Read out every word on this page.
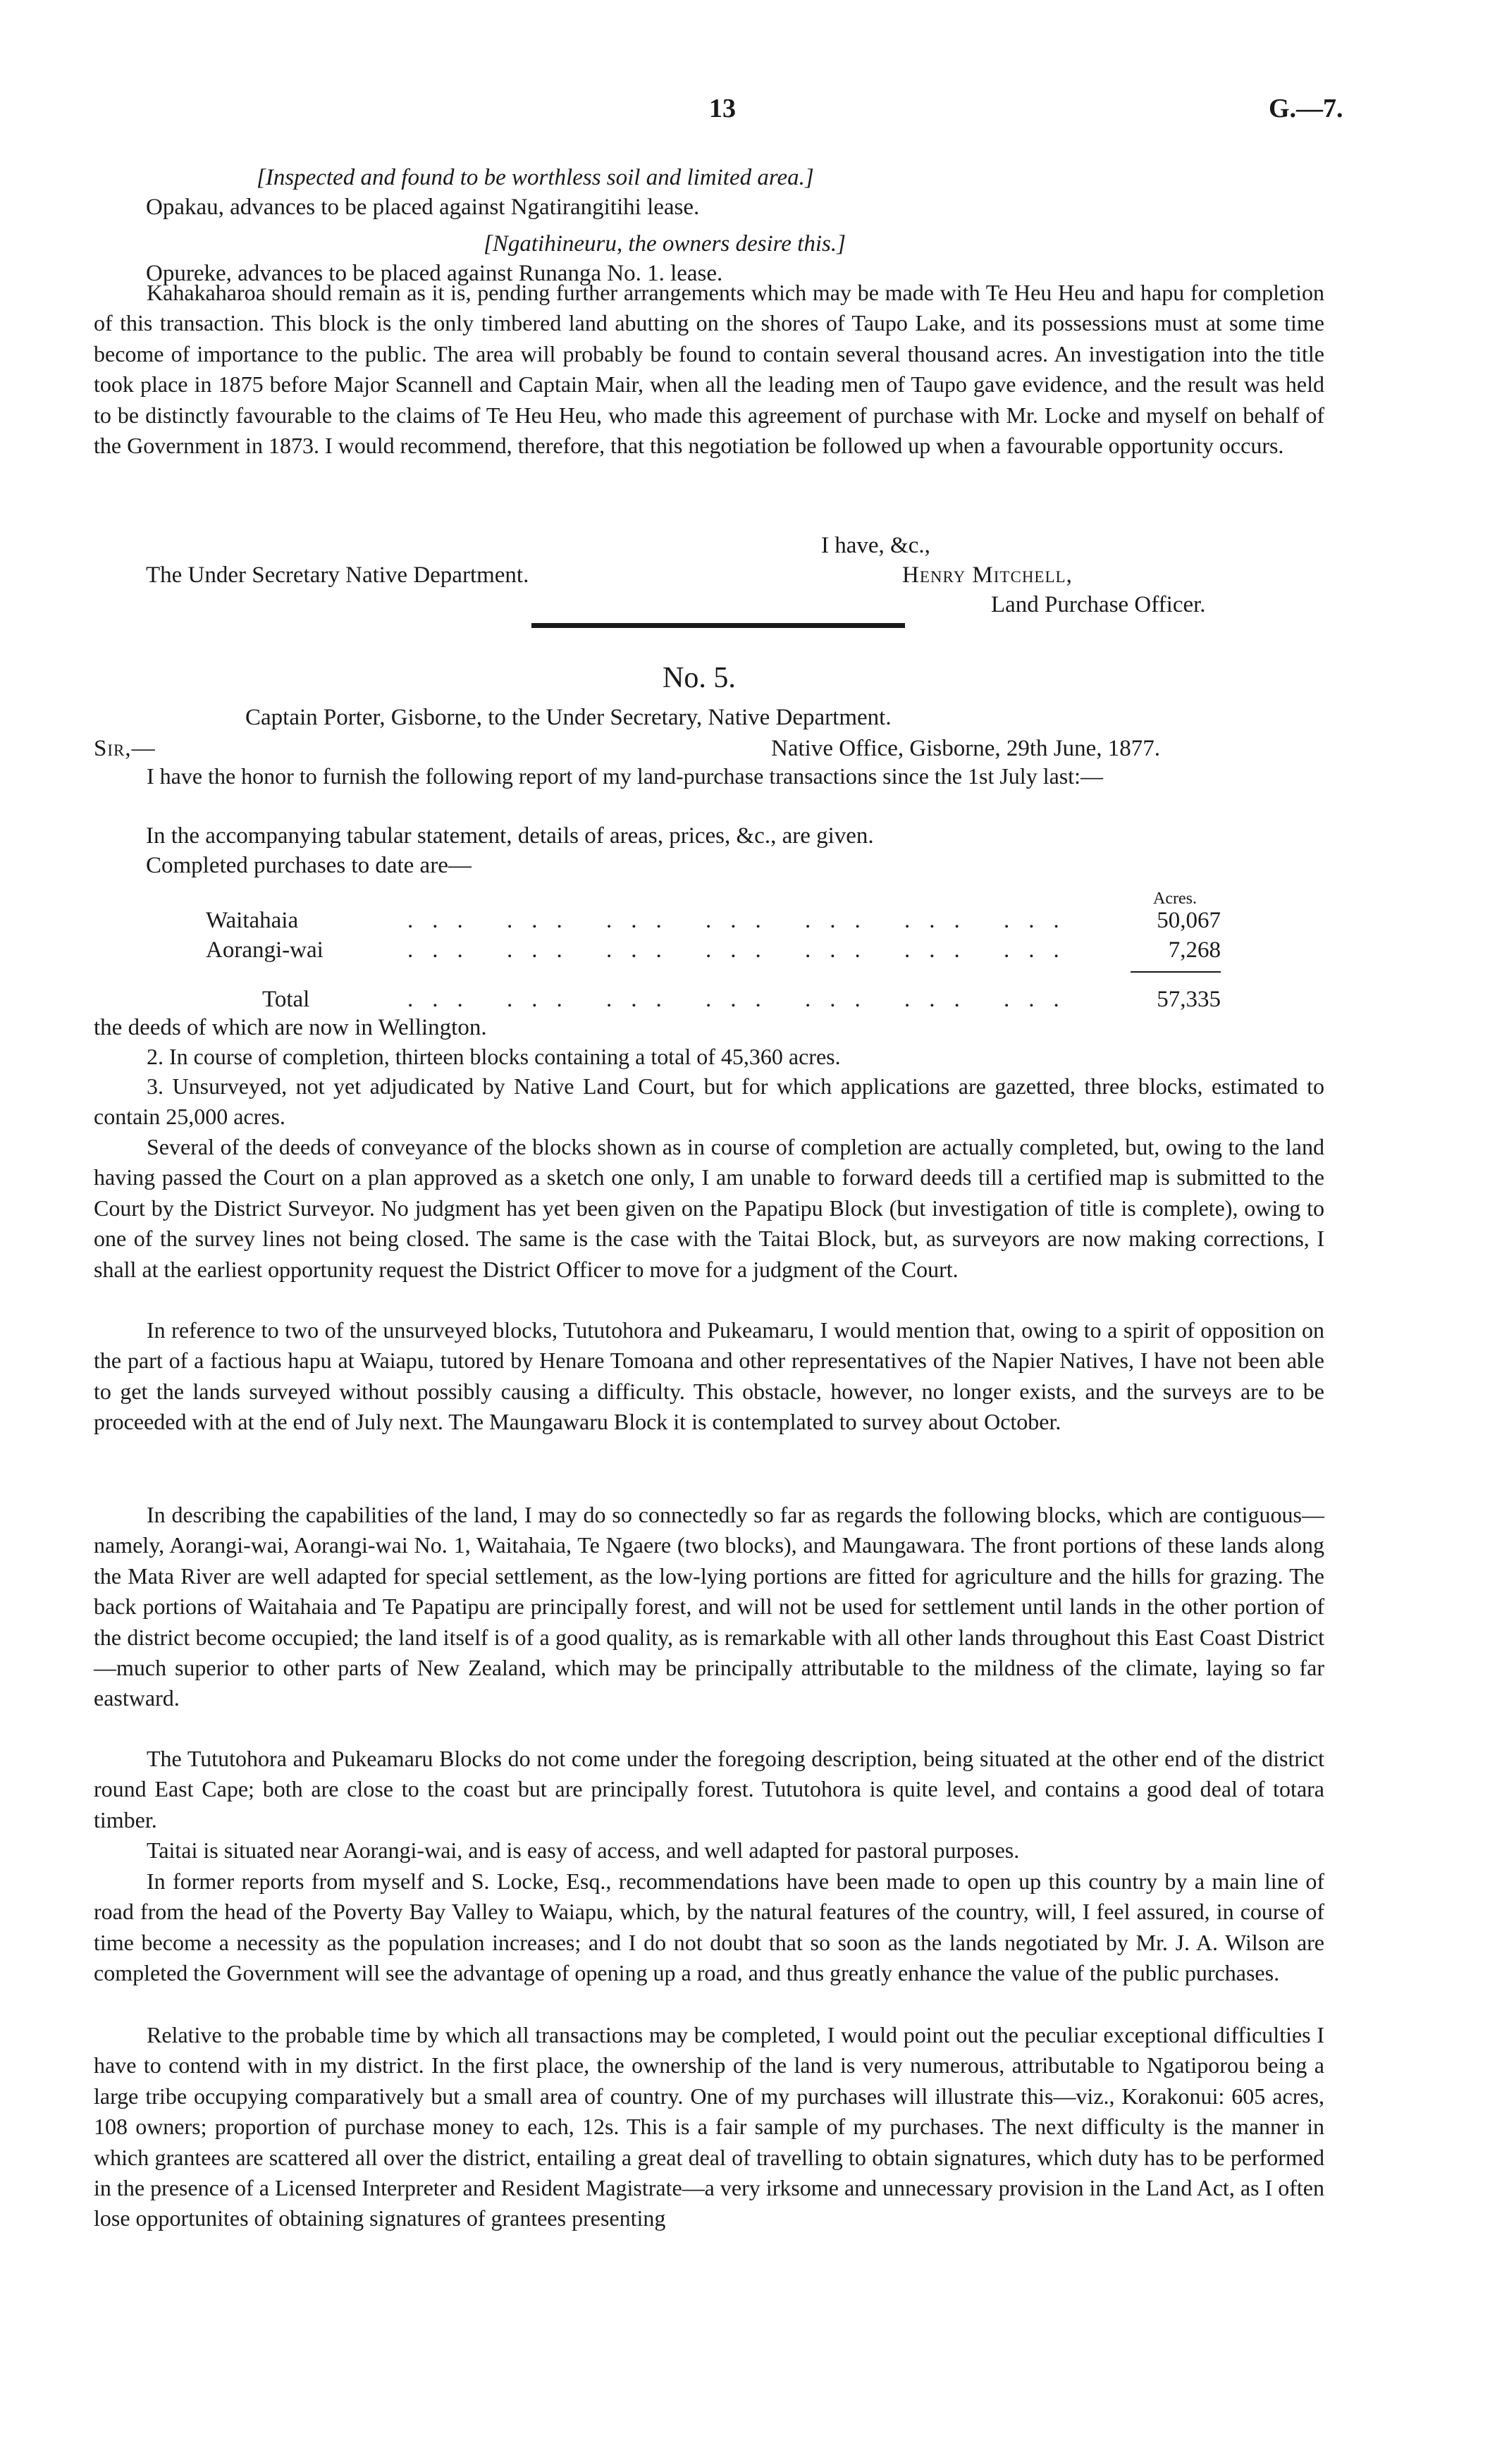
13	G.—7.
[Inspected and found to be worthless soil and limited area.]
Opakau, advances to be placed against Ngatirangitihi lease.
[Ngatihineuru, the owners desire this.]
Opureke, advances to be placed against Runanga No. 1. lease.

Kahakaharoa should remain as it is, pending further arrangements which may be made with Te Heu Heu and hapu for completion of this transaction. This block is the only timbered land abutting on the shores of Taupo Lake, and its possessions must at some time become of importance to the public. The area will probably be found to contain several thousand acres. An investigation into the title took place in 1875 before Major Scannell and Captain Mair, when all the leading men of Taupo gave evidence, and the result was held to be distinctly favourable to the claims of Te Heu Heu, who made this agreement of purchase with Mr. Locke and myself on behalf of the Government in 1873. I would recommend, therefore, that this negotiation be followed up when a favourable opportunity occurs.

I have, &c.,
The Under Secretary Native Department.	Henry Mitchell,
Land Purchase Officer.
No. 5.
Captain Porter, Gisborne, to the Under Secretary, Native Department.
Sir,—	Native Office, Gisborne, 29th June, 1877.

I have the honor to furnish the following report of my land-purchase transactions since the 1st July last:—

In the accompanying tabular statement, details of areas, prices, &c., are given.
Completed purchases to date are—
Acres.
Waitahaia	... ... ... ... ... ... ...	50,067
Aorangi-wai	... ... ... ... ... ... ...	7,268
Total	... ... ... ... ... ... ...	57,335
the deeds of which are now in Wellington.

2. In course of completion, thirteen blocks containing a total of 45,360 acres.

3. Unsurveyed, not yet adjudicated by Native Land Court, but for which applications are gazetted, three blocks, estimated to contain 25,000 acres.

Several of the deeds of conveyance of the blocks shown as in course of completion are actually completed, but, owing to the land having passed the Court on a plan approved as a sketch one only, I am unable to forward deeds till a certified map is submitted to the Court by the District Surveyor. No judgment has yet been given on the Papatipu Block (but investigation of title is complete), owing to one of the survey lines not being closed. The same is the case with the Taitai Block, but, as surveyors are now making corrections, I shall at the earliest opportunity request the District Officer to move for a judgment of the Court.

In reference to two of the unsurveyed blocks, Tututohora and Pukeamaru, I would mention that, owing to a spirit of opposition on the part of a factious hapu at Waiapu, tutored by Henare Tomoana and other representatives of the Napier Natives, I have not been able to get the lands surveyed without possibly causing a difficulty. This obstacle, however, no longer exists, and the surveys are to be proceeded with at the end of July next. The Maungawaru Block it is contemplated to survey about October.

In describing the capabilities of the land, I may do so connectedly so far as regards the following blocks, which are contiguous—namely, Aorangi-wai, Aorangi-wai No. 1, Waitahaia, Te Ngaere (two blocks), and Maungawara. The front portions of these lands along the Mata River are well adapted for special settlement, as the low-lying portions are fitted for agriculture and the hills for grazing. The back portions of Waitahaia and Te Papatipu are principally forest, and will not be used for settlement until lands in the other portion of the district become occupied; the land itself is of a good quality, as is remarkable with all other lands throughout this East Coast District—much superior to other parts of New Zealand, which may be principally attributable to the mildness of the climate, laying so far eastward.

The Tututohora and Pukeamaru Blocks do not come under the foregoing description, being situated at the other end of the district round East Cape; both are close to the coast but are principally forest. Tututohora is quite level, and contains a good deal of totara timber.

Taitai is situated near Aorangi-wai, and is easy of access, and well adapted for pastoral purposes.

In former reports from myself and S. Locke, Esq., recommendations have been made to open up this country by a main line of road from the head of the Poverty Bay Valley to Waiapu, which, by the natural features of the country, will, I feel assured, in course of time become a necessity as the population increases; and I do not doubt that so soon as the lands negotiated by Mr. J. A. Wilson are completed the Government will see the advantage of opening up a road, and thus greatly enhance the value of the public purchases.

Relative to the probable time by which all transactions may be completed, I would point out the peculiar exceptional difficulties I have to contend with in my district. In the first place, the ownership of the land is very numerous, attributable to Ngatiporou being a large tribe occupying comparatively but a small area of country. One of my purchases will illustrate this—viz., Korakonui: 605 acres, 108 owners; proportion of purchase money to each, 12s. This is a fair sample of my purchases. The next difficulty is the manner in which grantees are scattered all over the district, entailing a great deal of travelling to obtain signatures, which duty has to be performed in the presence of a Licensed Interpreter and Resident Magistrate—a very irksome and unnecessary provision in the Land Act, as I often lose opportunites of obtaining signatures of grantees presenting
